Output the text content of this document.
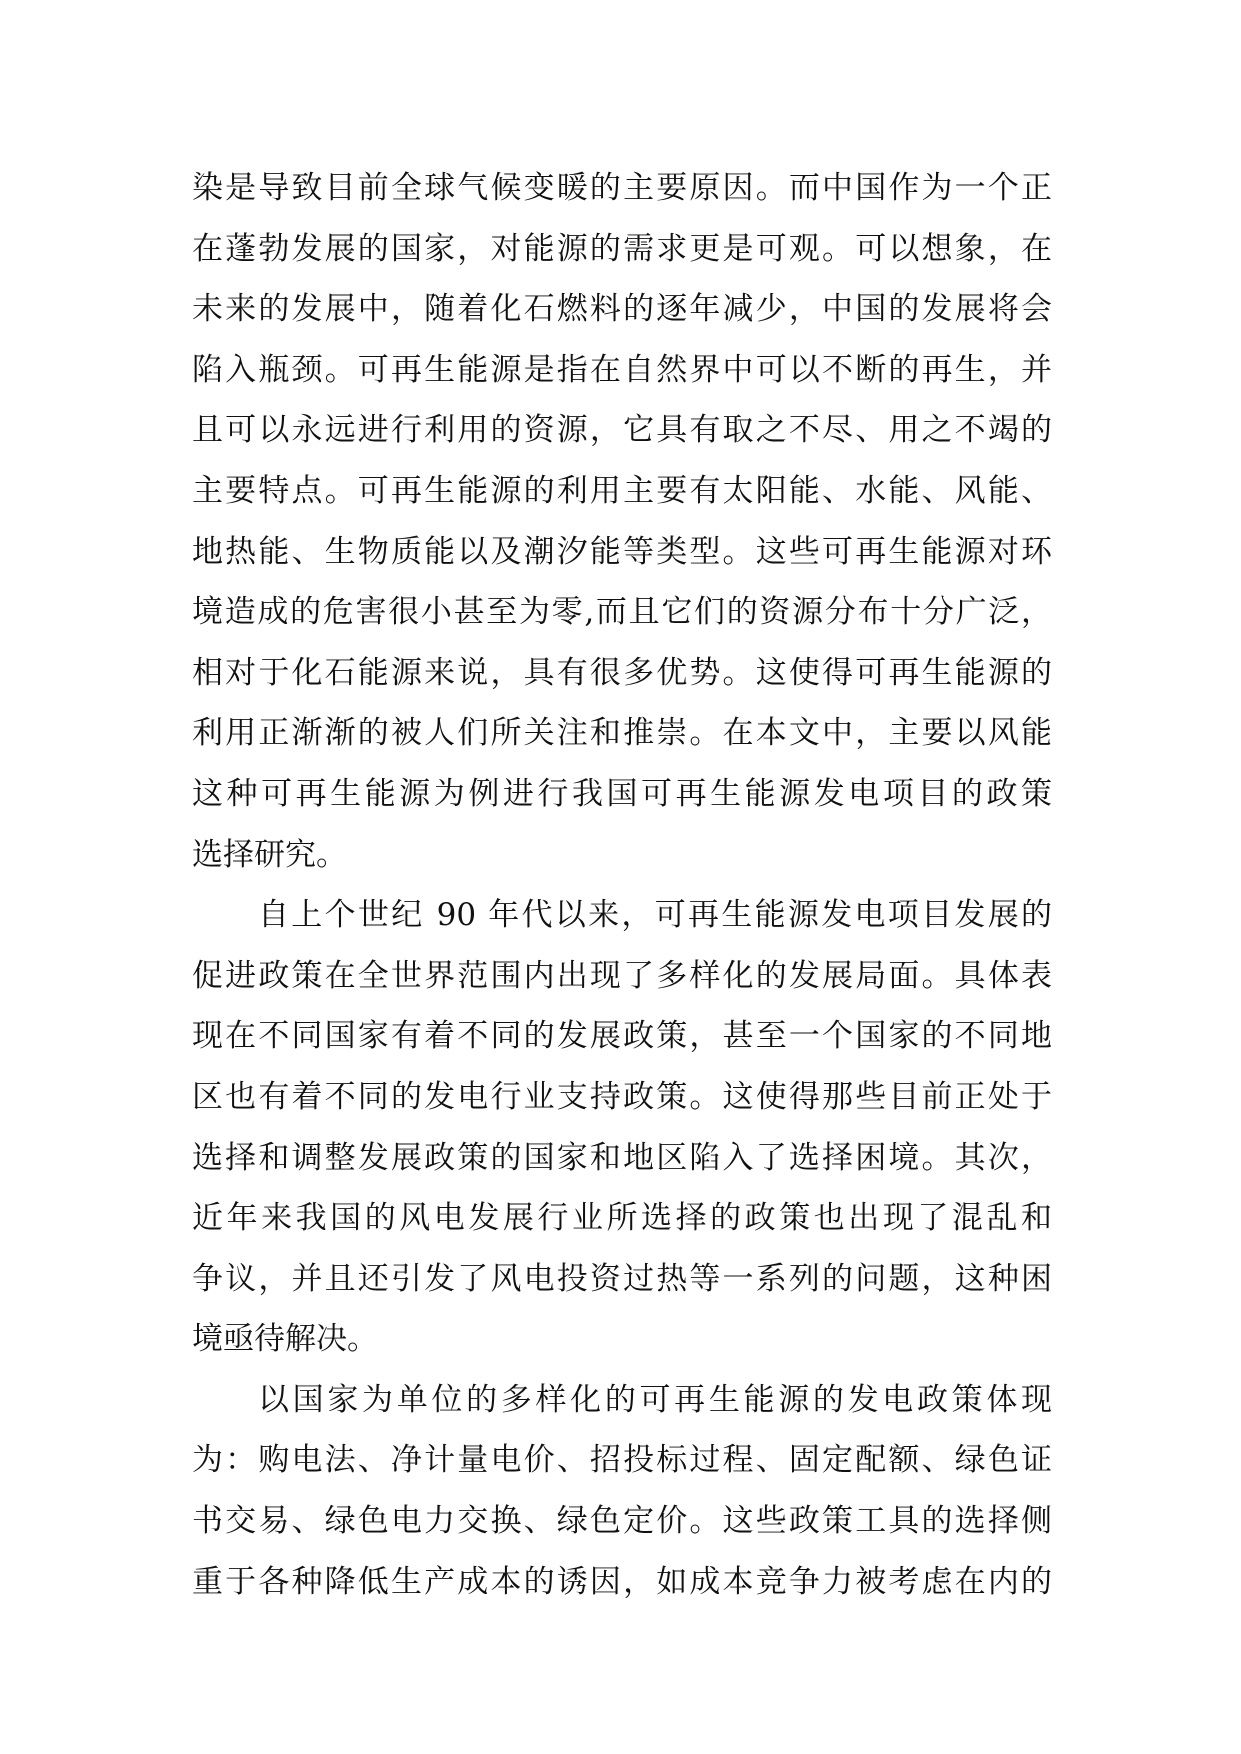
染是导致目前全球气候变暖的主要原因。而中国作为一个正
在蓬勃发展的国家，对能源的需求更是可观。可以想象，在
未来的发展中，随着化石燃料的逐年减少，中国的发展将会
陷入瓶颈。可再生能源是指在自然界中可以不断的再生，并
且可以永远进行利用的资源，它具有取之不尽、用之不竭的
主要特点。可再生能源的利用主要有太阳能、水能、风能、
地热能、生物质能以及潮汐能等类型。这些可再生能源对环
境造成的危害很小甚至为零,而且它们的资源分布十分广泛，
相对于化石能源来说，具有很多优势。这使得可再生能源的
利用正渐渐的被人们所关注和推崇。在本文中，主要以风能
这种可再生能源为例进行我国可再生能源发电项目的政策
选择研究。
自上个世纪 90 年代以来，可再生能源发电项目发展的
促进政策在全世界范围内出现了多样化的发展局面。具体表
现在不同国家有着不同的发展政策，甚至一个国家的不同地
区也有着不同的发电行业支持政策。这使得那些目前正处于
选择和调整发展政策的国家和地区陷入了选择困境。其次，
近年来我国的风电发展行业所选择的政策也出现了混乱和
争议，并且还引发了风电投资过热等一系列的问题，这种困
境亟待解决。
以国家为单位的多样化的可再生能源的发电政策体现
为：购电法、净计量电价、招投标过程、固定配额、绿色证
书交易、绿色电力交换、绿色定价。这些政策工具的选择侧
重于各种降低生产成本的诱因，如成本竞争力被考虑在内的
